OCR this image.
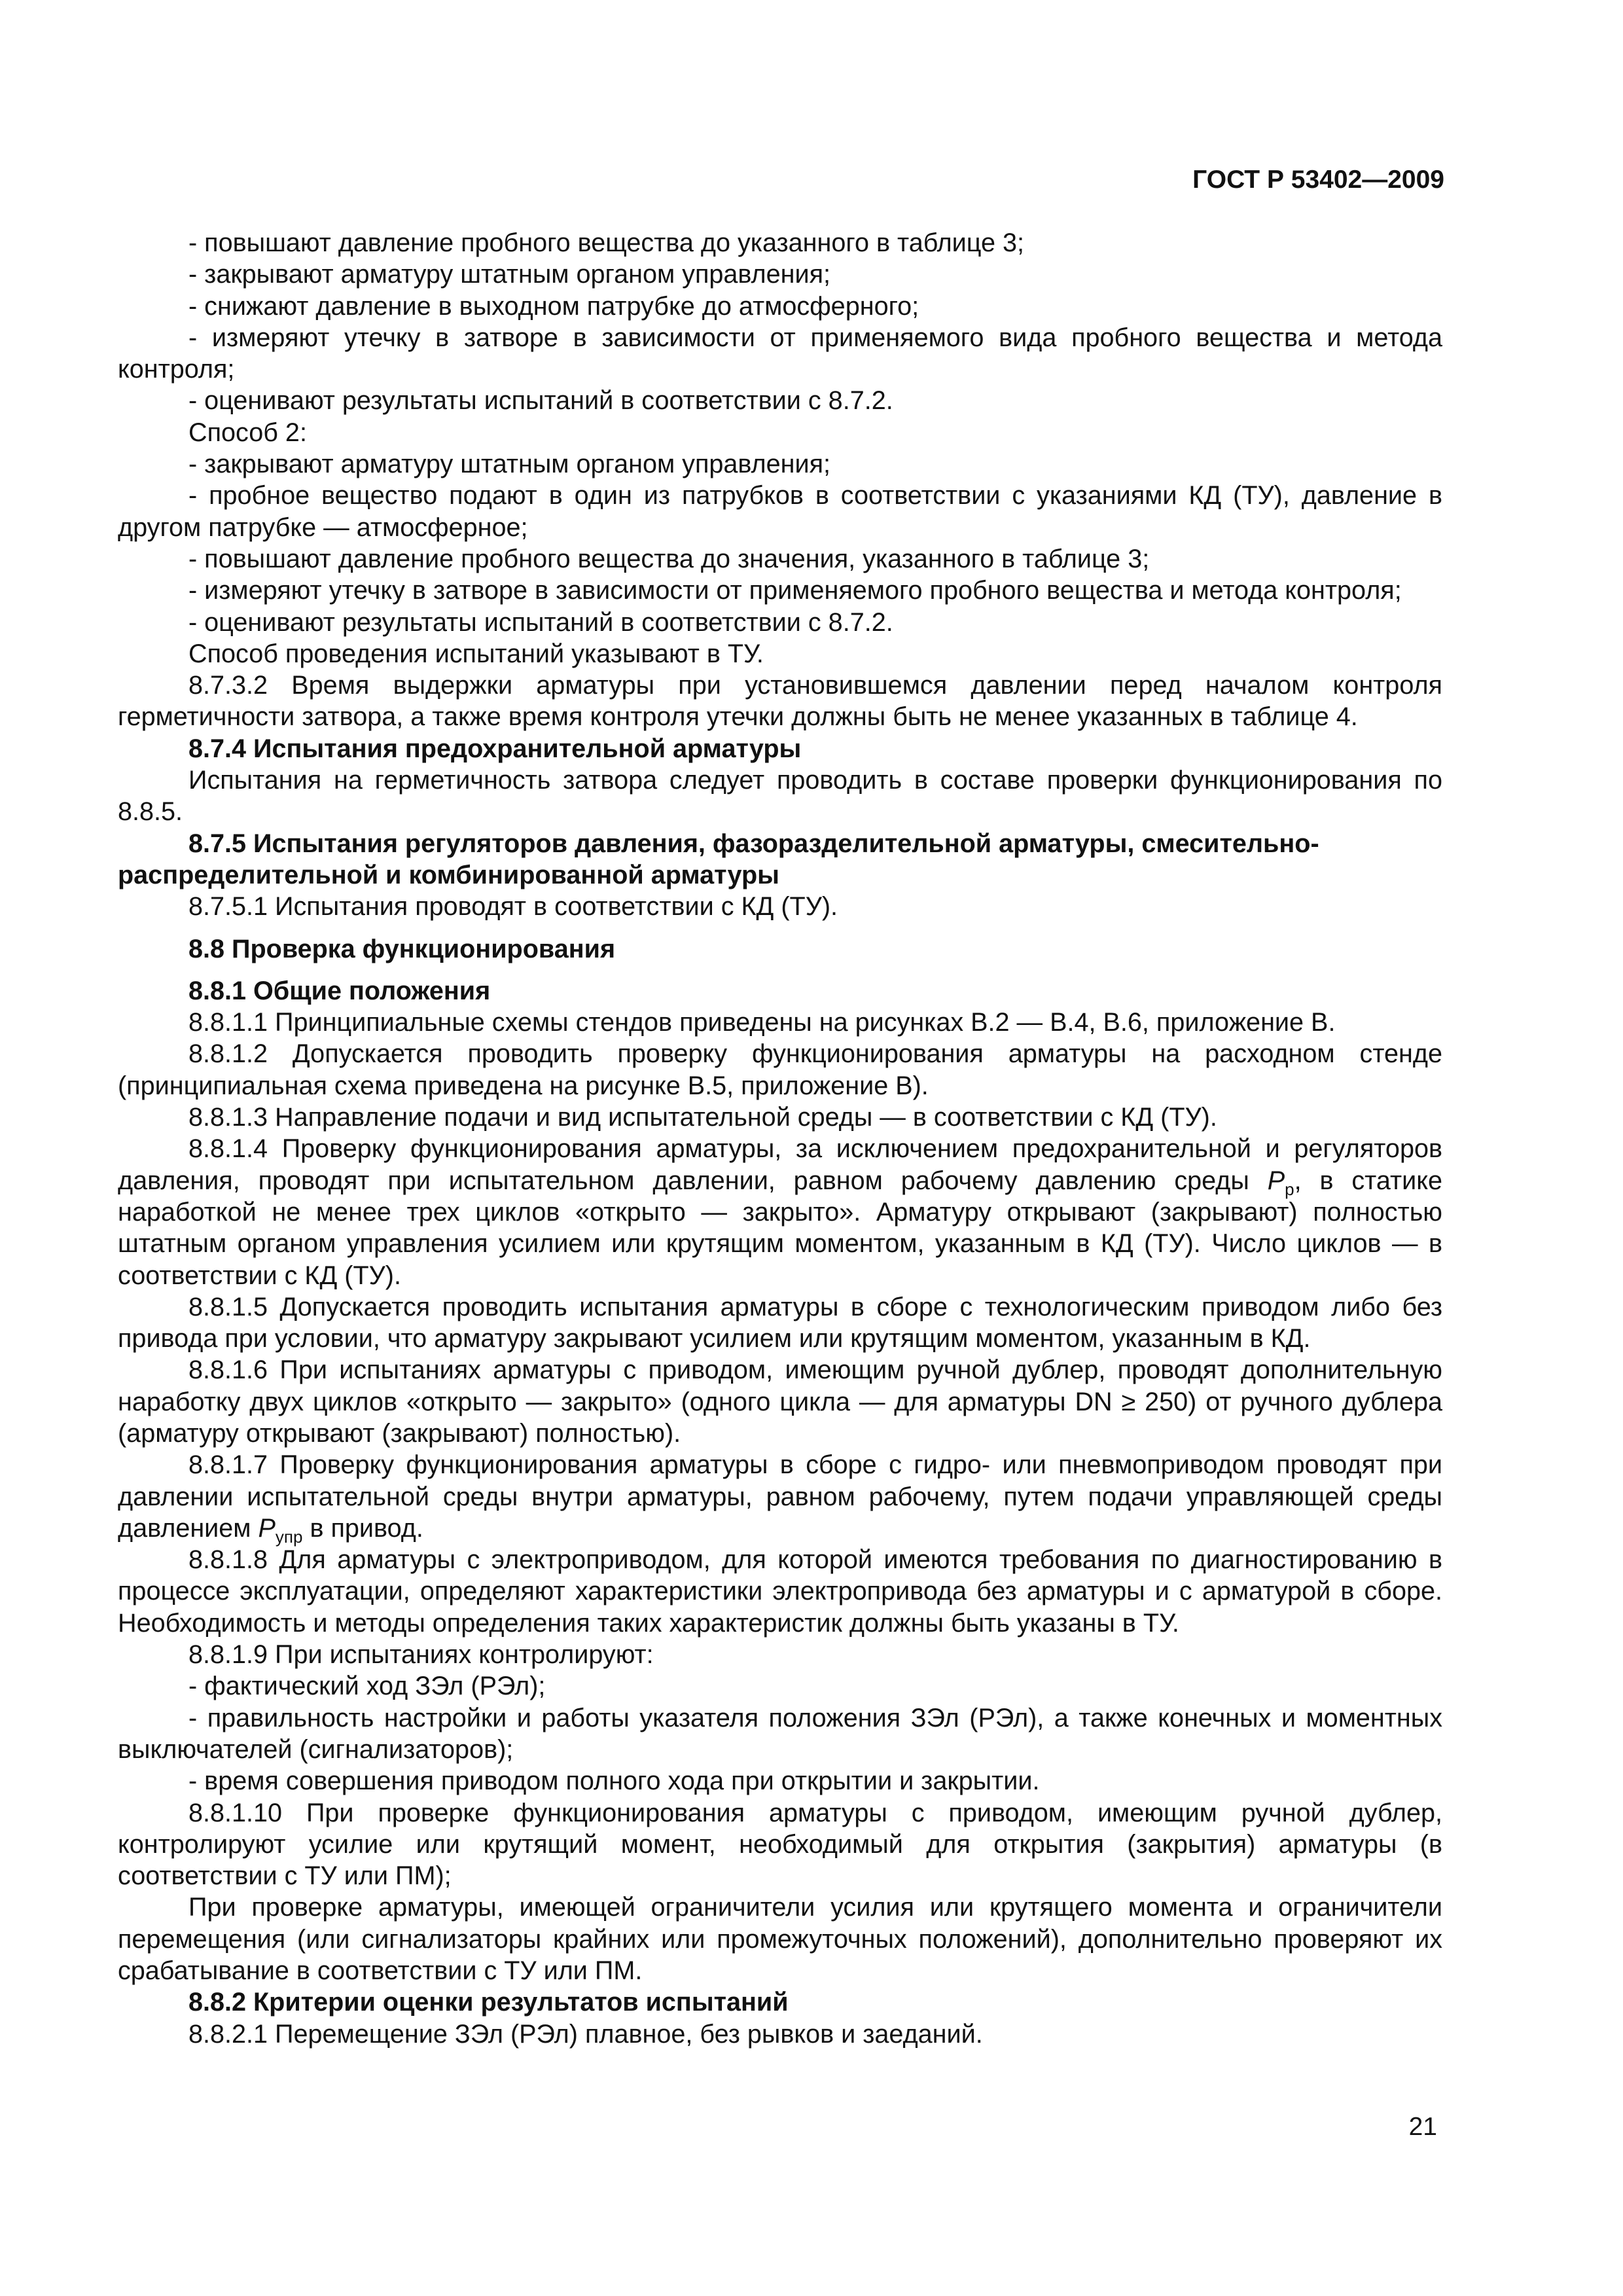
ГОСТ Р 53402—2009

- повышают давление пробного вещества до указанного в таблице 3;

- закрывают арматуру штатным органом управления;

- снижают давление в выходном патрубке до атмосферного;

- измеряют утечку в затворе в зависимости от применяемого вида пробного вещества и метода контроля;

- оценивают результаты испытаний в соответствии с 8.7.2.

Способ 2:

- закрывают арматуру штатным органом управления;

- пробное вещество подают в один из патрубков в соответствии с указаниями КД (ТУ), давление в другом патрубке — атмосферное;

- повышают давление пробного вещества до значения, указанного в таблице 3;

- измеряют утечку в затворе в зависимости от применяемого пробного вещества и метода контроля;

- оценивают результаты испытаний в соответствии с 8.7.2.

Способ проведения испытаний указывают в ТУ.

8.7.3.2 Время выдержки арматуры при установившемся давлении перед началом контроля герметичности затвора, а также время контроля утечки должны быть не менее указанных в таблице 4.

8.7.4 Испытания предохранительной арматуры

Испытания на герметичность затвора следует проводить в составе проверки функционирования по 8.8.5.

8.7.5 Испытания регуляторов давления, фазоразделительной арматуры, смесительно-распределительной и комбинированной арматуры

8.7.5.1 Испытания проводят в соответствии с КД (ТУ).

8.8 Проверка функционирования

8.8.1 Общие положения

8.8.1.1 Принципиальные схемы стендов приведены на рисунках В.2 — В.4, В.6, приложение В.

8.8.1.2 Допускается проводить проверку функционирования арматуры на расходном стенде (принципиальная схема приведена на рисунке В.5, приложение В).

8.8.1.3 Направление подачи и вид испытательной среды — в соответствии с КД (ТУ).

8.8.1.4 Проверку функционирования арматуры, за исключением предохранительной и регуляторов давления, проводят при испытательном давлении, равном рабочему давлению среды $P_р$, в статике наработкой не менее трех циклов «открыто — закрыто». Арматуру открывают (закрывают) полностью штатным органом управления усилием или крутящим моментом, указанным в КД (ТУ). Число циклов — в соответствии с КД (ТУ).

8.8.1.5 Допускается проводить испытания арматуры в сборе с технологическим приводом либо без привода при условии, что арматуру закрывают усилием или крутящим моментом, указанным в КД.

8.8.1.6 При испытаниях арматуры с приводом, имеющим ручной дублер, проводят дополнительную наработку двух циклов «открыто — закрыто» (одного цикла — для арматуры DN ≥ 250) от ручного дублера (арматуру открывают (закрывают) полностью).

8.8.1.7 Проверку функционирования арматуры в сборе с гидро- или пневмоприводом проводят при давлении испытательной среды внутри арматуры, равном рабочему, путем подачи управляющей среды давлением $P_{упр}$ в привод.

8.8.1.8 Для арматуры с электроприводом, для которой имеются требования по диагностированию в процессе эксплуатации, определяют характеристики электропривода без арматуры и с арматурой в сборе. Необходимость и методы определения таких характеристик должны быть указаны в ТУ.

8.8.1.9 При испытаниях контролируют:

- фактический ход ЗЭл (РЭл);

- правильность настройки и работы указателя положения ЗЭл (РЭл), а также конечных и моментных выключателей (сигнализаторов);

- время совершения приводом полного хода при открытии и закрытии.

8.8.1.10 При проверке функционирования арматуры с приводом, имеющим ручной дублер, контролируют усилие или крутящий момент, необходимый для открытия (закрытия) арматуры (в соответствии с ТУ или ПМ);

При проверке арматуры, имеющей ограничители усилия или крутящего момента и ограничители перемещения (или сигнализаторы крайних или промежуточных положений), дополнительно проверяют их срабатывание в соответствии с ТУ или ПМ.

8.8.2 Критерии оценки результатов испытаний

8.8.2.1 Перемещение ЗЭл (РЭл) плавное, без рывков и заеданий.

21
